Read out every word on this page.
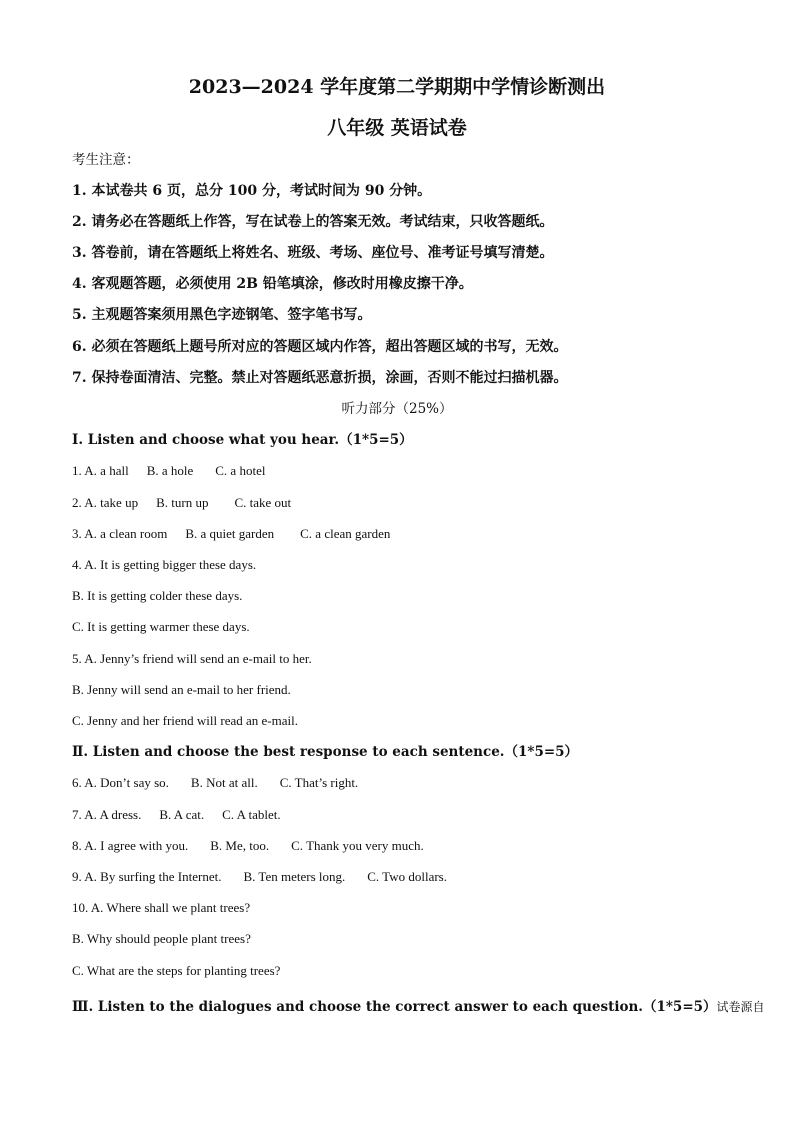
2023—2024 学年度第二学期期中学情诊断测出
八年级 英语试卷
考生注意：
1. 本试卷共 6 页，总分 100 分，考试时间为 90 分钟。
2. 请务必在答题纸上作答，写在试卷上的答案无效。考试结束，只收答题纸。
3. 答卷前，请在答题纸上将姓名、班级、考场、座位号、准考证号填写清楚。
4. 客观题答题，必须使用 2B 铅笔填涂，修改时用橡皮擦干净。
5. 主观题答案须用黑色字迹钢笔、签字笔书写。
6. 必须在答题纸上题号所对应的答题区域内作答，超出答题区域的书写，无效。
7. 保持卷面清洁、完整。禁止对答题纸恶意折损，涂画，否则不能过扫描机器。
听力部分（25%）
Ⅰ. Listen and choose what you hear.（1*5=5）
1. A. a hall B. a hole C. a hotel
2. A. take up B. turn up C. take out
3. A. a clean room B. a quiet garden C. a clean garden
4. A. It is getting bigger these days.
B. It is getting colder these days.
C. It is getting warmer these days.
5. A. Jenny’s friend will send an e-mail to her.
B. Jenny will send an e-mail to her friend.
C. Jenny and her friend will read an e-mail.
Ⅱ. Listen and choose the best response to each sentence.（1*5=5）
6. A. Don’t say so. B. Not at all. C. That’s right.
7. A. A dress. B. A cat. C. A tablet.
8. A. I agree with you. B. Me, too. C. Thank you very much.
9. A. By surfing the Internet. B. Ten meters long. C. Two dollars.
10. A. Where shall we plant trees?
B. Why should people plant trees?
C. What are the steps for planting trees?
Ⅲ. Listen to the dialogues and choose the correct answer to each question.（1*5=5）试卷源自
